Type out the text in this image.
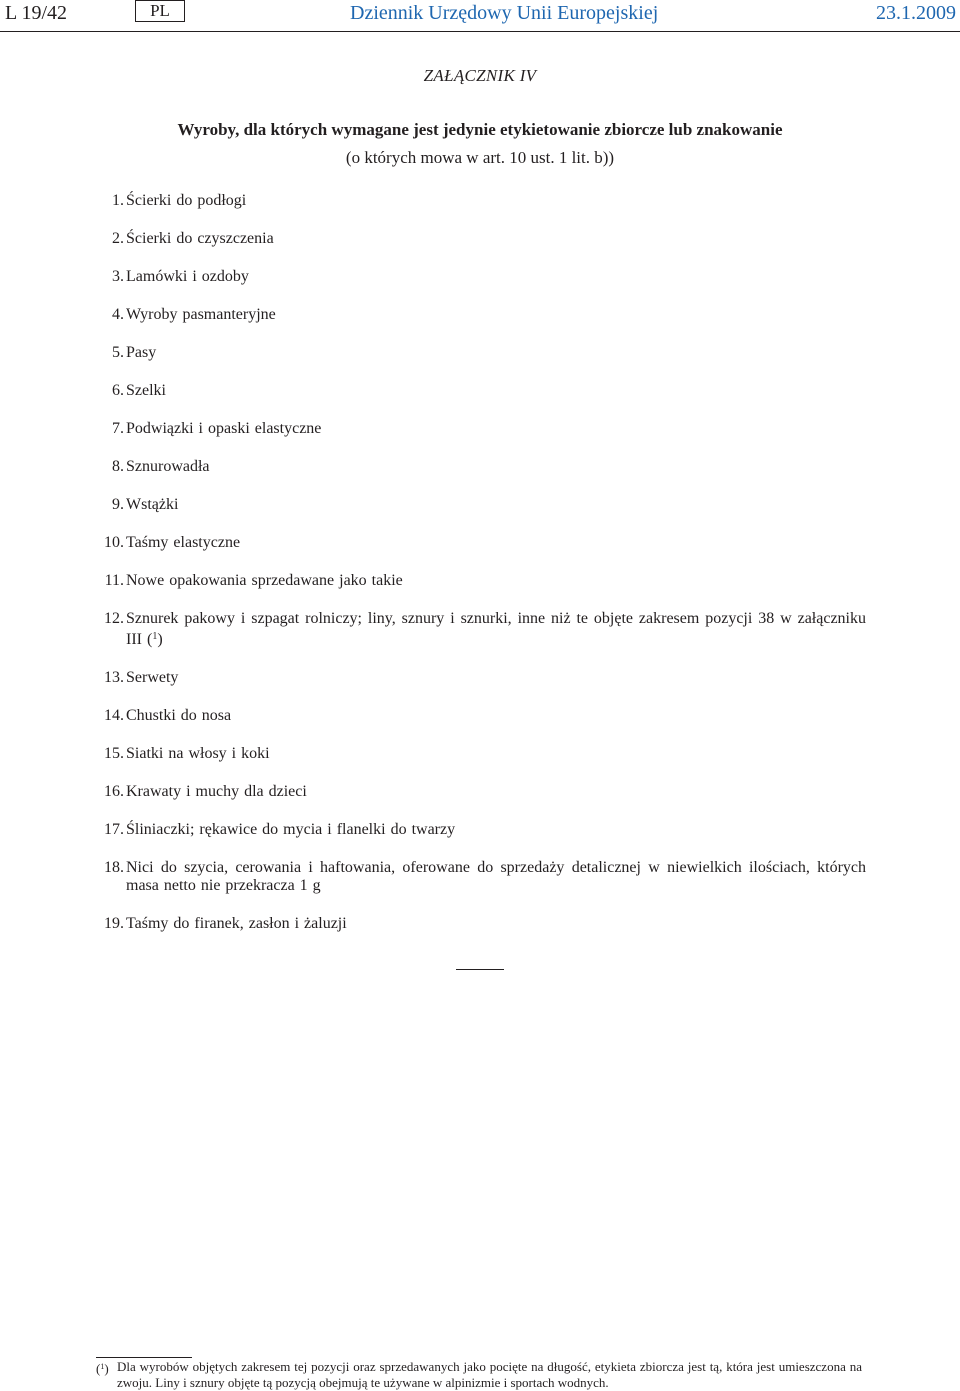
L 19/42	PL	Dziennik Urzędowy Unii Europejskiej	23.1.2009
ZAŁĄCZNIK IV
Wyroby, dla których wymagane jest jedynie etykietowanie zbiorcze lub znakowanie
(o których mowa w art. 10 ust. 1 lit. b))
1. Ścierki do podłogi
2. Ścierki do czyszczenia
3. Lamówki i ozdoby
4. Wyroby pasmanteryjne
5. Pasy
6. Szelki
7. Podwiązki i opaski elastyczne
8. Sznurowadła
9. Wstążki
10. Taśmy elastyczne
11. Nowe opakowania sprzedawane jako takie
12. Sznurek pakowy i szpagat rolniczy; liny, sznury i sznurki, inne niż te objęte zakresem pozycji 38 w załączniku III ($^1$)
13. Serwety
14. Chustki do nosa
15. Siatki na włosy i koki
16. Krawaty i muchy dla dzieci
17. Śliniaczki; rękawice do mycia i flanelki do twarzy
18. Nici do szycia, cerowania i haftowania, oferowane do sprzedaży detalicznej w niewielkich ilościach, których masa netto nie przekracza 1 g
19. Taśmy do firanek, zasłon i żaluzji
($^1$) Dla wyrobów objętych zakresem tej pozycji oraz sprzedawanych jako pocięte na długość, etykieta zbiorcza jest tą, która jest umieszczona na zwoju. Liny i sznury objęte tą pozycją obejmują te używane w alpinizmie i sportach wodnych.
